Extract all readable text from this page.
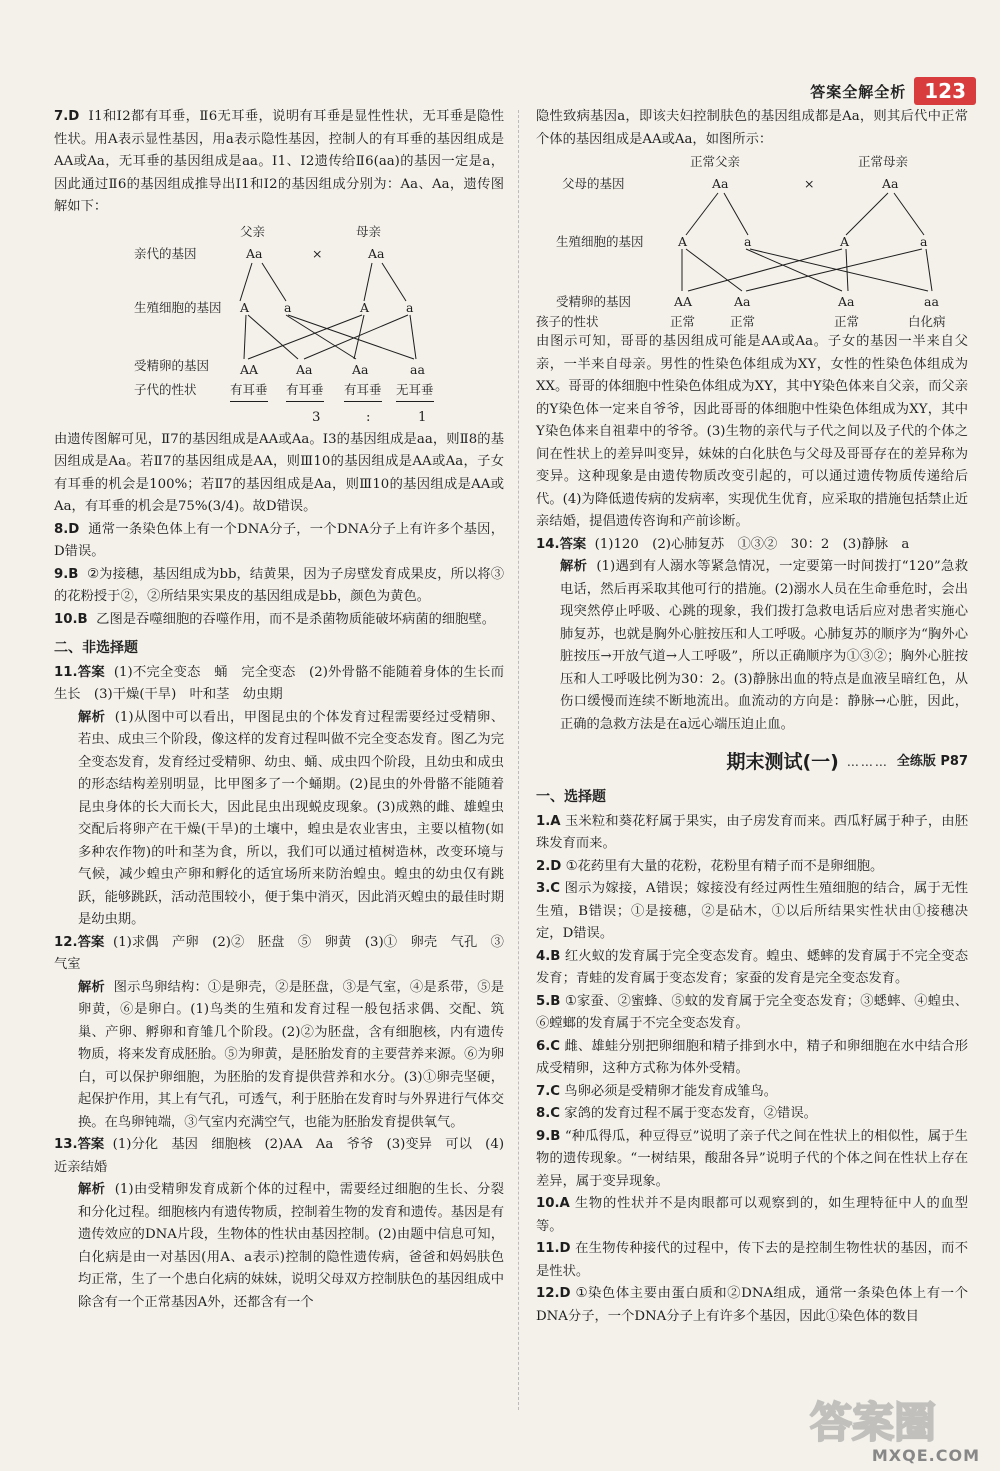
答案全解全析 123

7.D Ⅰ1和Ⅰ2都有耳垂，Ⅱ6无耳垂，说明有耳垂是显性性状，无耳垂是隐性性状。用A表示显性基因，用a表示隐性基因，控制人的有耳垂的基因组成是AA或Aa，无耳垂的基因组成是aa。Ⅰ1、Ⅰ2遗传给Ⅱ6(aa)的基因一定是a，因此通过Ⅱ6的基因组成推导出Ⅰ1和Ⅰ2的基因组成分别为：Aa、Aa，遗传图解如下：

父亲	母亲
亲代的基因	Aa	×	Aa
生殖细胞的基因 A	a	A	a
受精卵的基因 AA	Aa	Aa	aa
子代的性状	有耳垂 有耳垂 有耳垂 无耳垂
3	:	1

由遗传图解可见，Ⅱ7的基因组成是AA或Aa。Ⅰ3的基因组成是aa，则Ⅱ8的基因组成是Aa。若Ⅱ7的基因组成是AA，则Ⅲ10的基因组成是AA或Aa，子女有耳垂的机会是100%；若Ⅱ7的基因组成是Aa，则Ⅲ10的基因组成是AA或Aa，有耳垂的机会是75%(3/4)。故D错误。

8.D 通常一条染色体上有一个DNA分子，一个DNA分子上有许多个基因，D错误。

9.B ②为接穗，基因组成为bb，结黄果，因为子房壁发育成果皮，所以将③的花粉授于②，②所结果实果皮的基因组成是bb，颜色为黄色。

10.B 乙图是吞噬细胞的吞噬作用，而不是杀菌物质能破坏病菌的细胞壁。

二、非选择题

11.答案 (1)不完全变态　蛹　完全变态　(2)外骨骼不能随着身体的生长而生长　(3)干燥(干旱)　叶和茎　幼虫期

解析 (1)从图中可以看出，甲图昆虫的个体发育过程需要经过受精卵、若虫、成虫三个阶段，像这样的发育过程叫做不完全变态发育。图乙为完全变态发育，发育经过受精卵、幼虫、蛹、成虫四个阶段，且幼虫和成虫的形态结构差别明显，比甲图多了一个蛹期。(2)昆虫的外骨骼不能随着昆虫身体的长大而长大，因此昆虫出现蜕皮现象。(3)成熟的雌、雄蝗虫交配后将卵产在干燥(干旱)的土壤中，蝗虫是农业害虫，主要以植物(如多种农作物)的叶和茎为食，所以，我们可以通过植树造林，改变环境与气候，减少蝗虫产卵和孵化的适宜场所来防治蝗虫。蝗虫的幼虫仅有跳跃，能够跳跃，活动范围较小，便于集中消灭，因此消灭蝗虫的最佳时期是幼虫期。

12.答案 (1)求偶　产卵　(2)②　胚盘　⑤　卵黄　(3)①　卵壳　气孔　③　气室

解析 图示鸟卵结构：①是卵壳，②是胚盘，③是气室，④是系带，⑤是卵黄，⑥是卵白。(1)鸟类的生殖和发育过程一般包括求偶、交配、筑巢、产卵、孵卵和育雏几个阶段。(2)②为胚盘，含有细胞核，内有遗传物质，将来发育成胚胎。⑤为卵黄，是胚胎发育的主要营养来源。⑥为卵白，可以保护卵细胞，为胚胎的发育提供营养和水分。(3)①卵壳坚硬，起保护作用，其上有气孔，可透气，利于胚胎在发育时与外界进行气体交换。在鸟卵钝端，③气室内充满空气，也能为胚胎发育提供氧气。

13.答案 (1)分化　基因　细胞核　(2)AA　Aa　爷爷　(3)变异　可以　(4)近亲结婚

解析 (1)由受精卵发育成新个体的过程中，需要经过细胞的生长、分裂和分化过程。细胞核内有遗传物质，控制着生物的发育和遗传。基因是有遗传效应的DNA片段，生物体的性状由基因控制。(2)由题中信息可知，白化病是由一对基因(用A、a表示)控制的隐性遗传病，爸爸和妈妈肤色均正常，生了一个患白化病的妹妹，说明父母双方控制肤色的基因组成中除含有一个正常基因A外，还都含有一个

隐性致病基因a，即该夫妇控制肤色的基因组成都是Aa，则其后代中正常个体的基因组成是AA或Aa，如图所示：

正常父亲	正常母亲
父母的基因	Aa	×	Aa
生殖细胞的基因	A	a	A	a
受精卵的基因	AA	Aa	Aa	aa
孩子的性状	正常	正常	正常	白化病

由图示可知，哥哥的基因组成可能是AA或Aa。子女的基因一半来自父亲，一半来自母亲。男性的性染色体组成为XY，女性的性染色体组成为XX。哥哥的体细胞中性染色体组成为XY，其中Y染色体来自父亲，而父亲的Y染色体一定来自爷爷，因此哥哥的体细胞中性染色体组成为XY，其中Y染色体来自祖辈中的爷爷。(3)生物的亲代与子代之间以及子代的个体之间在性状上的差异叫变异，妹妹的白化肤色与父母及哥哥存在的差异称为变异。这种现象是由遗传物质改变引起的，可以通过遗传物质传递给后代。(4)为降低遗传病的发病率，实现优生优育，应采取的措施包括禁止近亲结婚，提倡遗传咨询和产前诊断。

14.答案 (1)120　(2)心肺复苏　①③②　30：2　(3)静脉　a

解析 (1)遇到有人溺水等紧急情况，一定要第一时间拨打“120”急救电话，然后再采取其他可行的措施。(2)溺水人员在生命垂危时，会出现突然停止呼吸、心跳的现象，我们拨打急救电话后应对患者实施心肺复苏，也就是胸外心脏按压和人工呼吸。心肺复苏的顺序为“胸外心脏按压→开放气道→人工呼吸”，所以正确顺序为①③②；胸外心脏按压和人工呼吸比例为30：2。(3)静脉出血的特点是血液呈暗红色，从伤口缓慢而连续不断地流出。血流动的方向是：静脉→心脏，因此，正确的急救方法是在a远心端压迫止血。

期末测试(一) ……… 全练版 P87
一、选择题

1.A 玉米粒和葵花籽属于果实，由子房发育而来。西瓜籽属于种子，由胚珠发育而来。

2.D ①花药里有大量的花粉，花粉里有精子而不是卵细胞。

3.C 图示为嫁接，A错误；嫁接没有经过两性生殖细胞的结合，属于无性生殖，B错误；①是接穗，②是砧木，①以后所结果实性状由①接穗决定，D错误。

4.B 红火蚁的发育属于完全变态发育。蝗虫、蟋蟀的发育属于不完全变态发育；青蛙的发育属于变态发育；家蚕的发育是完全变态发育。

5.B ①家蚕、②蜜蜂、⑤蚊的发育属于完全变态发育；③蟋蟀、④蝗虫、⑥螳螂的发育属于不完全变态发育。

6.C 雌、雄蛙分别把卵细胞和精子排到水中，精子和卵细胞在水中结合形成受精卵，这种方式称为体外受精。

7.C 鸟卵必须是受精卵才能发育成雏鸟。

8.C 家鸽的发育过程不属于变态发育，②错误。

9.B “种瓜得瓜，种豆得豆”说明了亲子代之间在性状上的相似性，属于生物的遗传现象。“一树结果，酸甜各异”说明子代的个体之间在性状上存在差异，属于变异现象。

10.A 生物的性状并不是肉眼都可以观察到的，如生理特征中人的血型等。

11.D 在生物传种接代的过程中，传下去的是控制生物性状的基因，而不是性状。

12.D ①染色体主要由蛋白质和②DNA组成，通常一条染色体上有一个DNA分子，一个DNA分子上有许多个基因，因此①染色体的数目

答案圈
MXQE.COM
